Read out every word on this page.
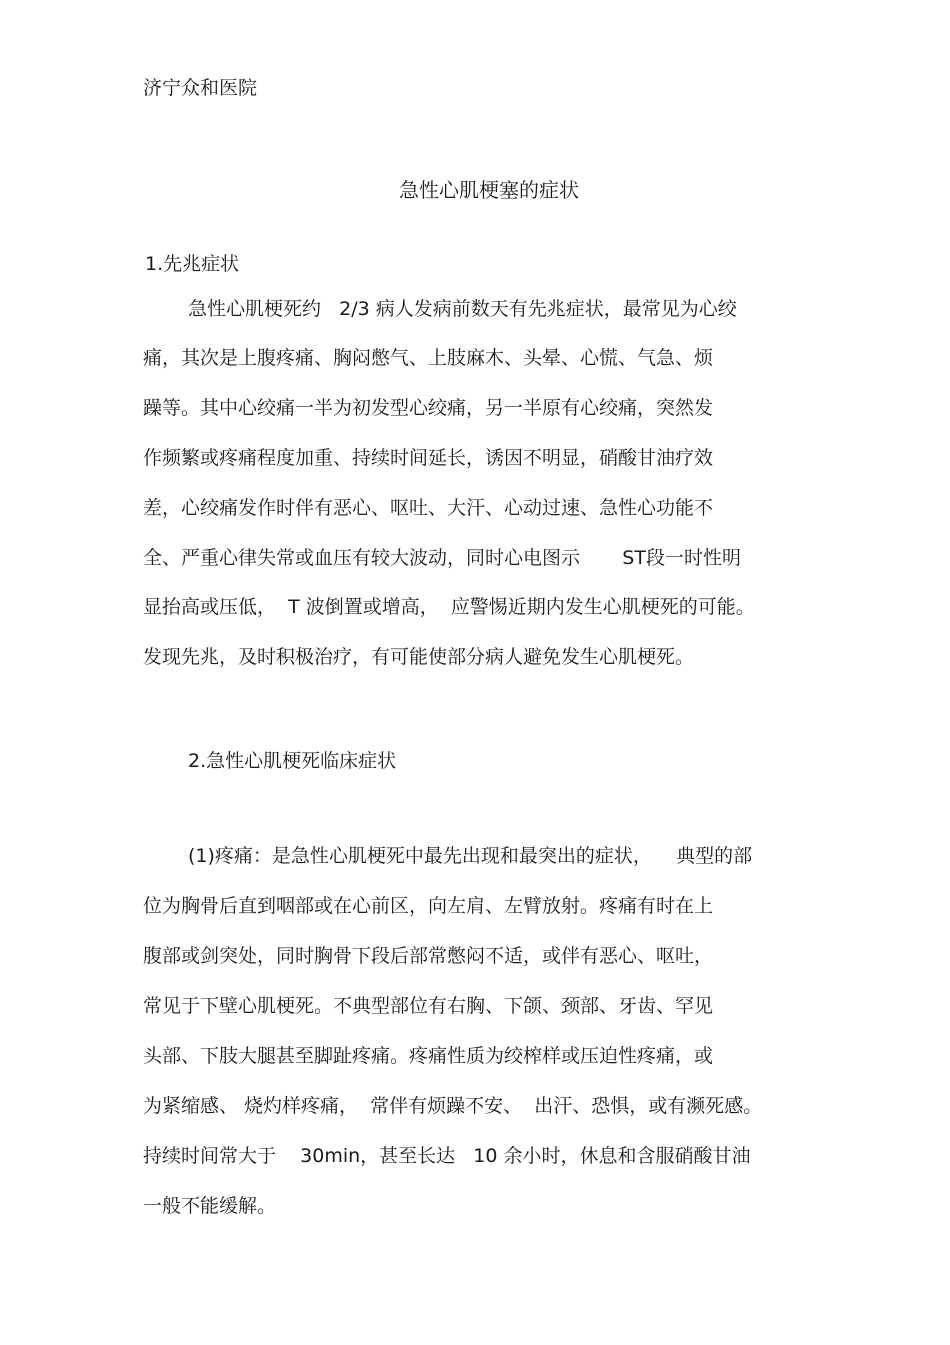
济宁众和医院
急性心肌梗塞的症状
1.先兆症状
急性心肌梗死约   2/3 病人发病前数天有先兆症状，最常见为心绞
痛，其次是上腹疼痛、胸闷憋气、上肢麻木、头晕、心慌、气急、烦
躁等。其中心绞痛一半为初发型心绞痛，另一半原有心绞痛，突然发
作频繁或疼痛程度加重、持续时间延长，诱因不明显，硝酸甘油疗效
差，心绞痛发作时伴有恶心、呕吐、大汗、心动过速、急性心功能不
全、严重心律失常或血压有较大波动，同时心电图示       ST段一时性明
显抬高或压低，  T 波倒置或增高，  应警惕近期内发生心肌梗死的可能。
发现先兆，及时积极治疗，有可能使部分病人避免发生心肌梗死。
2.急性心肌梗死临床症状
(1)疼痛：是急性心肌梗死中最先出现和最突出的症状，    典型的部
位为胸骨后直到咽部或在心前区，向左肩、左臂放射。疼痛有时在上
腹部或剑突处，同时胸骨下段后部常憋闷不适，或伴有恶心、呕吐，
常见于下壁心肌梗死。不典型部位有右胸、下颌、颈部、牙齿、罕见
头部、下肢大腿甚至脚趾疼痛。疼痛性质为绞榨样或压迫性疼痛，或
为紧缩感、 烧灼样疼痛，  常伴有烦躁不安、  出汗、恐惧，或有濒死感。
持续时间常大于    30min，甚至长达   10 余小时，休息和含服硝酸甘油
一般不能缓解。
